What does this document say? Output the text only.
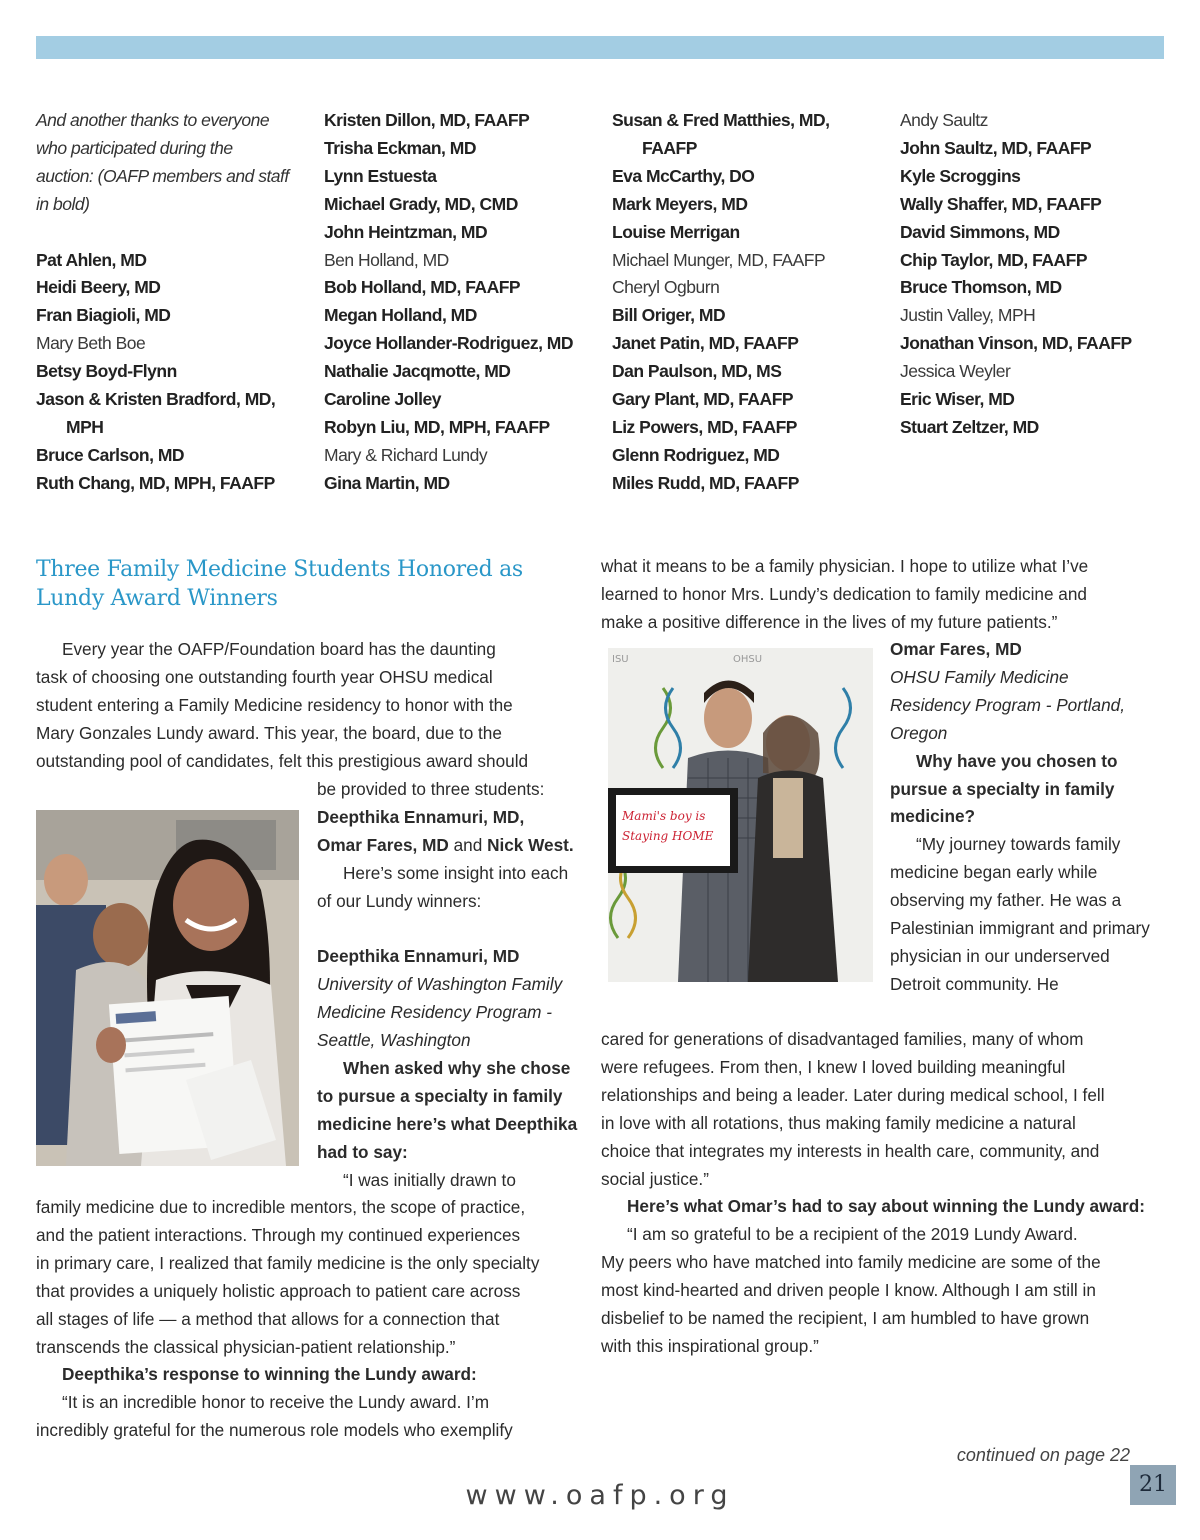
And another thanks to everyone
who participated during the
auction: (OAFP members and staff
in bold)
Pat Ahlen, MD
Heidi Beery, MD
Fran Biagioli, MD
Mary Beth Boe
Betsy Boyd-Flynn
Jason & Kristen Bradford, MD,
MPH
Bruce Carlson, MD
Ruth Chang, MD, MPH, FAAFP
Kristen Dillon, MD, FAAFP
Trisha Eckman, MD
Lynn Estuesta
Michael Grady, MD, CMD
John Heintzman, MD
Ben Holland, MD
Bob Holland, MD, FAAFP
Megan Holland, MD
Joyce Hollander-Rodriguez, MD
Nathalie Jacqmotte, MD
Caroline Jolley
Robyn Liu, MD, MPH, FAAFP
Mary & Richard Lundy
Gina Martin, MD
Susan & Fred Matthies, MD,
FAAFP
Eva McCarthy, DO
Mark Meyers, MD
Louise Merrigan
Michael Munger, MD, FAAFP
Cheryl Ogburn
Bill Origer, MD
Janet Patin, MD, FAAFP
Dan Paulson, MD, MS
Gary Plant, MD, FAAFP
Liz Powers, MD, FAAFP
Glenn Rodriguez, MD
Miles Rudd, MD, FAAFP
Andy Saultz
John Saultz, MD, FAAFP
Kyle Scroggins
Wally Shaffer, MD, FAAFP
David Simmons, MD
Chip Taylor, MD, FAAFP
Bruce Thomson, MD
Justin Valley, MPH
Jonathan Vinson, MD, FAAFP
Jessica Weyler
Eric Wiser, MD
Stuart Zeltzer, MD
Three Family Medicine Students Honored as Lundy Award Winners
Every year the OAFP/Foundation board has the daunting
task of choosing one outstanding fourth year OHSU medical
student entering a Family Medicine residency to honor with the
Mary Gonzales Lundy award. This year, the board, due to the
outstanding pool of candidates, felt this prestigious award should

be provided to three students:

Deepthika Ennamuri, MD,
Omar Fares, MD and Nick West.

Here’s some insight into each of our Lundy winners:

Deepthika Ennamuri, MD

University of Washington Family Medicine Residency Program - Seattle, Washington

When asked why she chose to pursue a specialty in family medicine here’s what Deepthika had to say:

“I was initially drawn to

family medicine due to incredible mentors, the scope of practice,
and the patient interactions. Through my continued experiences
in primary care, I realized that family medicine is the only specialty
that provides a uniquely holistic approach to patient care across
all stages of life — a method that allows for a connection that
transcends the classical physician-patient relationship.”

Deepthika’s response to winning the Lundy award:

“It is an incredible honor to receive the Lundy award. I’m
incredibly grateful for the numerous role models who exemplify
what it means to be a family physician. I hope to utilize what I’ve
learned to honor Mrs. Lundy’s dedication to family medicine and
make a positive difference in the lives of my future patients.”
ISU	OHSU
Mami's boy is
Staying HOME

Omar Fares, MD

OHSU Family Medicine Residency Program - Portland, Oregon

Why have you chosen to pursue a specialty in family medicine?

“My journey towards family medicine began early while observing my father. He was a Palestinian immigrant and primary physician in our underserved Detroit community. He

cared for generations of disadvantaged families, many of whom
were refugees. From then, I knew I loved building meaningful
relationships and being a leader. Later during medical school, I fell
in love with all rotations, thus making family medicine a natural
choice that integrates my interests in health care, community, and
social justice.”

Here’s what Omar’s had to say about winning the Lundy award:

“I am so grateful to be a recipient of the 2019 Lundy Award.
My peers who have matched into family medicine are some of the
most kind-hearted and driven people I know. Although I am still in
disbelief to be named the recipient, I am humbled to have grown
with this inspirational group.”
continued on page 22
www.oafp.org	21
